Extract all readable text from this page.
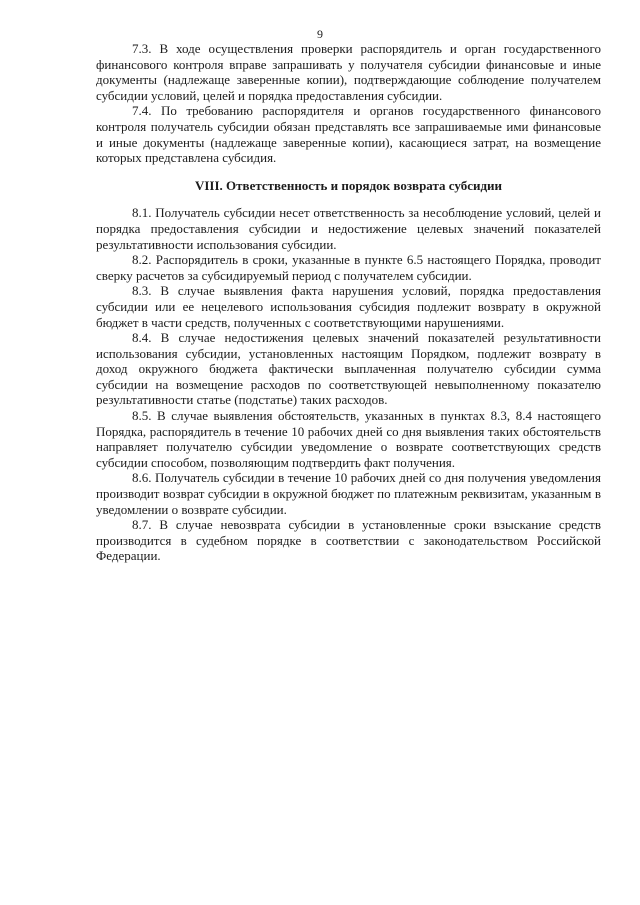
9

7.3. В ходе осуществления проверки распорядитель и орган государственного финансового контроля вправе запрашивать у получателя субсидии финансовые и иные документы (надлежаще заверенные копии), подтверждающие соблюдение получателем субсидии условий, целей и порядка предоставления субсидии.

7.4. По требованию распорядителя и органов государственного финансового контроля получатель субсидии обязан представлять все запрашиваемые ими финансовые и иные документы (надлежаще заверенные копии), касающиеся затрат, на возмещение которых представлена субсидия.

VIII. Ответственность и порядок возврата субсидии

8.1. Получатель субсидии несет ответственность за несоблюдение условий, целей и порядка предоставления субсидии и недостижение целевых значений показателей результативности использования субсидии.

8.2. Распорядитель в сроки, указанные в пункте 6.5 настоящего Порядка, проводит сверку расчетов за субсидируемый период с получателем субсидии.

8.3. В случае выявления факта нарушения условий, порядка предоставления субсидии или ее нецелевого использования субсидия подлежит возврату в окружной бюджет в части средств, полученных с соответствующими нарушениями.

8.4. В случае недостижения целевых значений показателей результативности использования субсидии, установленных настоящим Порядком, подлежит возврату в доход окружного бюджета фактически выплаченная получателю субсидии сумма субсидии на возмещение расходов по соответствующей невыполненному показателю результативности статье (подстатье) таких расходов.

8.5. В случае выявления обстоятельств, указанных в пунктах 8.3, 8.4 настоящего Порядка, распорядитель в течение 10 рабочих дней со дня выявления таких обстоятельств направляет получателю субсидии уведомление о возврате соответствующих средств субсидии способом, позволяющим подтвердить факт получения.

8.6. Получатель субсидии в течение 10 рабочих дней со дня получения уведомления производит возврат субсидии в окружной бюджет по платежным реквизитам, указанным в уведомлении о возврате субсидии.

8.7. В случае невозврата субсидии в установленные сроки взыскание средств производится в судебном порядке в соответствии с законодательством Российской Федерации.
